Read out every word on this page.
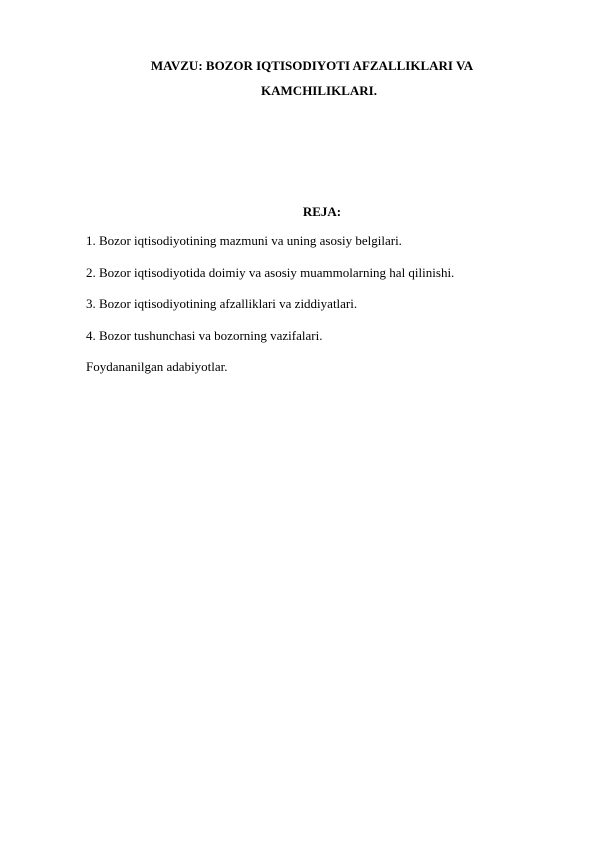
MAVZU: BOZOR IQTISODIYOTI AFZALLIKLARI VA
KAMCHILIKLARI.
REJA:
1. Bozor iqtisodiyotining mazmuni va uning asosiy belgilari.
2. Bozor iqtisodiyotida doimiy va asosiy muammolarning hal qilinishi.
3. Bozor iqtisodiyotining afzalliklari va ziddiyatlari.
4. Bozor tushunchasi va bozorning vazifalari.
Foydananilgan adabiyotlar.
